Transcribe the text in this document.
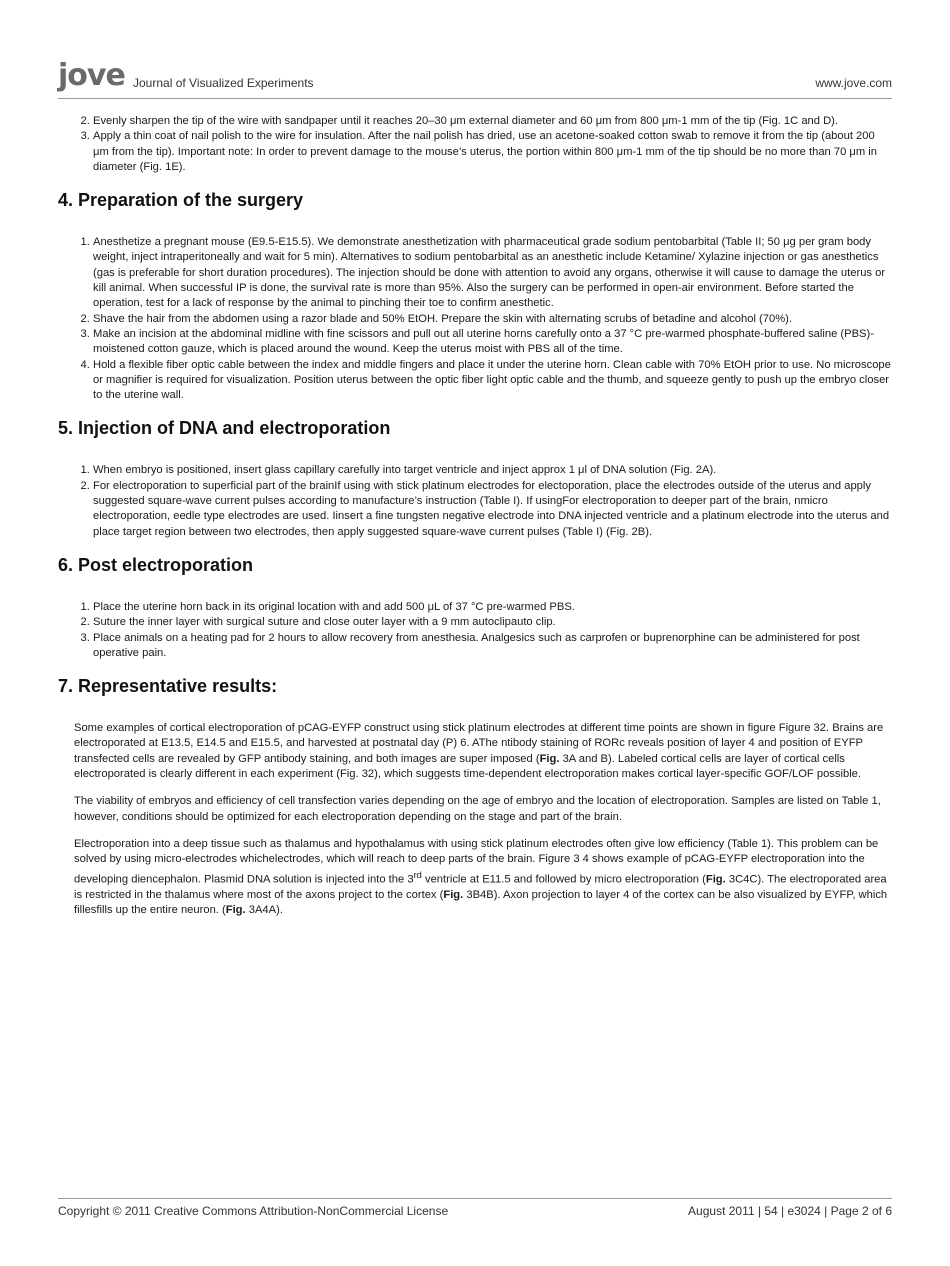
jove Journal of Visualized Experiments	www.jove.com
2. Evenly sharpen the tip of the wire with sandpaper until it reaches 20–30 μm external diameter and 60 μm from 800 μm-1 mm of the tip (Fig. 1C and D).
3. Apply a thin coat of nail polish to the wire for insulation. After the nail polish has dried, use an acetone-soaked cotton swab to remove it from the tip (about 200 μm from the tip). Important note: In order to prevent damage to the mouse’s uterus, the portion within 800 μm-1 mm of the tip should be no more than 70 μm in diameter (Fig. 1E).
4. Preparation of the surgery
1. Anesthetize a pregnant mouse (E9.5-E15.5). We demonstrate anesthetization with pharmaceutical grade sodium pentobarbital (Table II; 50 μg per gram body weight, inject intraperitoneally and wait for 5 min). Alternatives to sodium pentobarbital as an anesthetic include Ketamine/ Xylazine injection or gas anesthetics (gas is preferable for short duration procedures). The injection should be done with attention to avoid any organs, otherwise it will cause to damage the uterus or kill animal. When successful IP is done, the survival rate is more than 95%. Also the surgery can be performed in open-air environment. Before started the operation, test for a lack of response by the animal to pinching their toe to confirm anesthetic.
2. Shave the hair from the abdomen using a razor blade and 50% EtOH. Prepare the skin with alternating scrubs of betadine and alcohol (70%).
3. Make an incision at the abdominal midline with fine scissors and pull out all uterine horns carefully onto a 37 °C pre-warmed phosphate-buffered saline (PBS)-moistened cotton gauze, which is placed around the wound. Keep the uterus moist with PBS all of the time.
4. Hold a flexible fiber optic cable between the index and middle fingers and place it under the uterine horn. Clean cable with 70% EtOH prior to use. No microscope or magnifier is required for visualization. Position uterus between the optic fiber light optic cable and the thumb, and squeeze gently to push up the embryo closer to the uterine wall.
5. Injection of DNA and electroporation
1. When embryo is positioned, insert glass capillary carefully into target ventricle and inject approx 1 μl of DNA solution (Fig. 2A).
2. For electroporation to superficial part of the brainIf using with stick platinum electrodes for electoporation, place the electrodes outside of the uterus and apply suggested square-wave current pulses according to manufacture’s instruction (Table I). If usingFor electroporation to deeper part of the brain, nmicro electroporation, eedle type electrodes are used. Iinsert a fine tungsten negative electrode into DNA injected ventricle and a platinum electrode into the uterus and place target region between two electrodes, then apply suggested square-wave current pulses (Table I) (Fig. 2B).
6. Post electroporation
1. Place the uterine horn back in its original location with and add 500 μL of 37 °C pre-warmed PBS.
2. Suture the inner layer with surgical suture and close outer layer with a 9 mm autoclipauto clip.
3. Place animals on a heating pad for 2 hours to allow recovery from anesthesia. Analgesics such as carprofen or buprenorphine can be administered for post operative pain.
7. Representative results:

Some examples of cortical electroporation of pCAG-EYFP construct using stick platinum electrodes at different time points are shown in figure Figure 32. Brains are electroporated at E13.5, E14.5 and E15.5, and harvested at postnatal day (P) 6. AThe ntibody staining of RORc reveals position of layer 4 and position of EYFP transfected cells are revealed by GFP antibody staining, and both images are super imposed (Fig. 3A and B). Labeled cortical cells are layer of cortical cells electroporated is clearly different in each experiment (Fig. 32), which suggests time-dependent electroporation makes cortical layer-specific GOF/LOF possible.

The viability of embryos and efficiency of cell transfection varies depending on the age of embryo and the location of electroporation. Samples are listed on Table 1, however, conditions should be optimized for each electroporation depending on the stage and part of the brain.

Electroporation into a deep tissue such as thalamus and hypothalamus with using stick platinum electrodes often give low efficiency (Table 1). This problem can be solved by using micro-electrodes whichelectrodes, which will reach to deep parts of the brain. Figure 3 4 shows example of pCAG-EYFP electroporation into the developing diencephalon. Plasmid DNA solution is injected into the 3rd ventricle at E11.5 and followed by micro electroporation (Fig. 3C4C). The electroporated area is restricted in the thalamus where most of the axons project to the cortex (Fig. 3B4B). Axon projection to layer 4 of the cortex can be also visualized by EYFP, which fillesfills up the entire neuron. (Fig. 3A4A).

Copyright © 2011 Creative Commons Attribution-NonCommercial License	August 2011 | 54 | e3024 | Page 2 of 6
